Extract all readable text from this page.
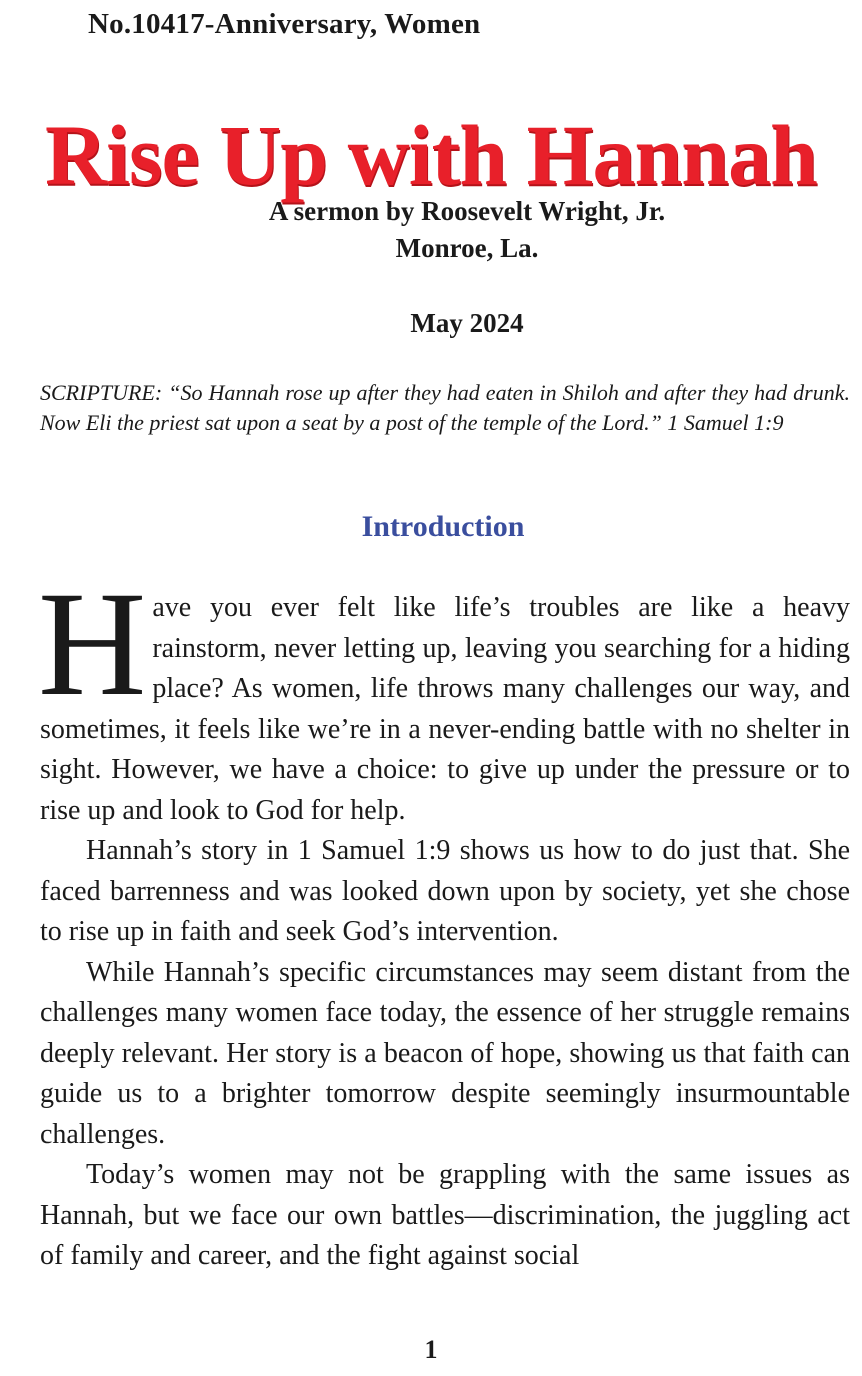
No.10417-Anniversary, Women
Rise Up with Hannah
A sermon by Roosevelt Wright, Jr.
Monroe, La.
May 2024
SCRIPTURE: “So Hannah rose up after they had eaten in Shiloh and after they had drunk. Now Eli the priest sat upon a seat by a post of the temple of the Lord.” 1 Samuel 1:9
Introduction

Have you ever felt like life’s troubles are like a heavy rainstorm, never letting up, leaving you searching for a hiding place? As women, life throws many challenges our way, and sometimes, it feels like we’re in a never-ending battle with no shelter in sight. However, we have a choice: to give up under the pressure or to rise up and look to God for help.

Hannah’s story in 1 Samuel 1:9 shows us how to do just that. She faced barrenness and was looked down upon by society, yet she chose to rise up in faith and seek God’s intervention.

While Hannah’s specific circumstances may seem distant from the challenges many women face today, the essence of her struggle remains deeply relevant. Her story is a beacon of hope, showing us that faith can guide us to a brighter tomorrow despite seemingly insurmountable challenges.

Today’s women may not be grappling with the same issues as Hannah, but we face our own battles—discrimination, the juggling act of family and career, and the fight against social

1
